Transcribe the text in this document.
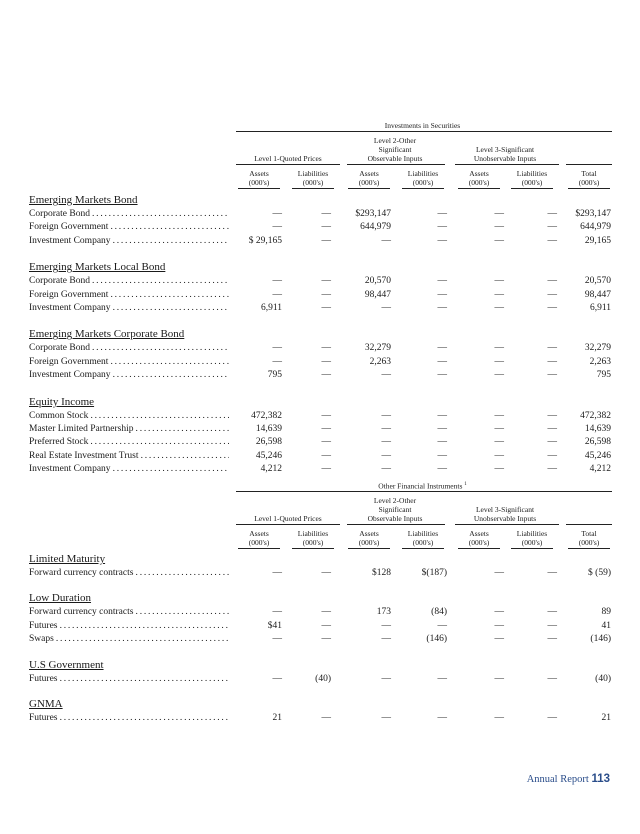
Investments in Securities
Level 2-Other
Significant
Observable Inputs
Level 3-Significant
Unobservable Inputs
Level 1-Quoted Prices
Assets
(000's)
Liabilities
(000's)
Assets
(000's)
Liabilities
(000's)
Assets
(000's)
Liabilities
(000's)
Total
(000's)
Emerging Markets Bond
Corporate Bond . . .	—	—	$293,147	—	—	— $293,147
Foreign Government . . .	—	—	644,979	—	—	— 644,979
Investment Company . . .	$ 29,165	—	—	—	—	—	29,165
Emerging Markets Local Bond
Corporate Bond . . .	—	—	20,570	—	—	—	20,570
Foreign Government . . .	—	—	98,447	—	—	—	98,447
Investment Company . . .	6,911	—	—	—	—	—	6,911
Emerging Markets Corporate Bond
Corporate Bond . . .	—	—	32,279	—	—	—	32,279
Foreign Government . . .	—	—	2,263	—	—	—	2,263
Investment Company . . .	795	—	—	—	—	—	795
Equity Income
Common Stock . . .	472,382	—	—	—	—	— 472,382
Master Limited Partnership . . .	14,639	—	—	—	—	—	14,639
Preferred Stock . . .	26,598	—	—	—	—	—	26,598
Real Estate Investment Trust . . .	45,246	—	—	—	—	—	45,246
Investment Company . . .	4,212	—	—	—	—	—	4,212
Other Financial Instruments $^1$
Level 2-Other
Significant
Observable Inputs
Level 3-Significant
Unobservable Inputs
Level 1-Quoted Prices
Assets
(000's)
Liabilities
(000's)
Assets
(000's)
Liabilities
(000's)
Assets
(000's)
Liabilities
(000's)
Total
(000's)
Limited Maturity
Forward currency contracts . . .	—	—	$128	$(187)	—	—	$ (59)
Low Duration
Forward currency contracts . . .	—	—	173	(84)	—	—	89
Futures . . .	$41	—	—	—	—	—	41
Swaps . . .	—	—	—	(146)	—	—	(146)
U.S Government
Futures . . .	—	(40)	—	—	—	—	(40)
GNMA
Futures . . .	21	—	—	—	—	—	21
Annual Report 113
